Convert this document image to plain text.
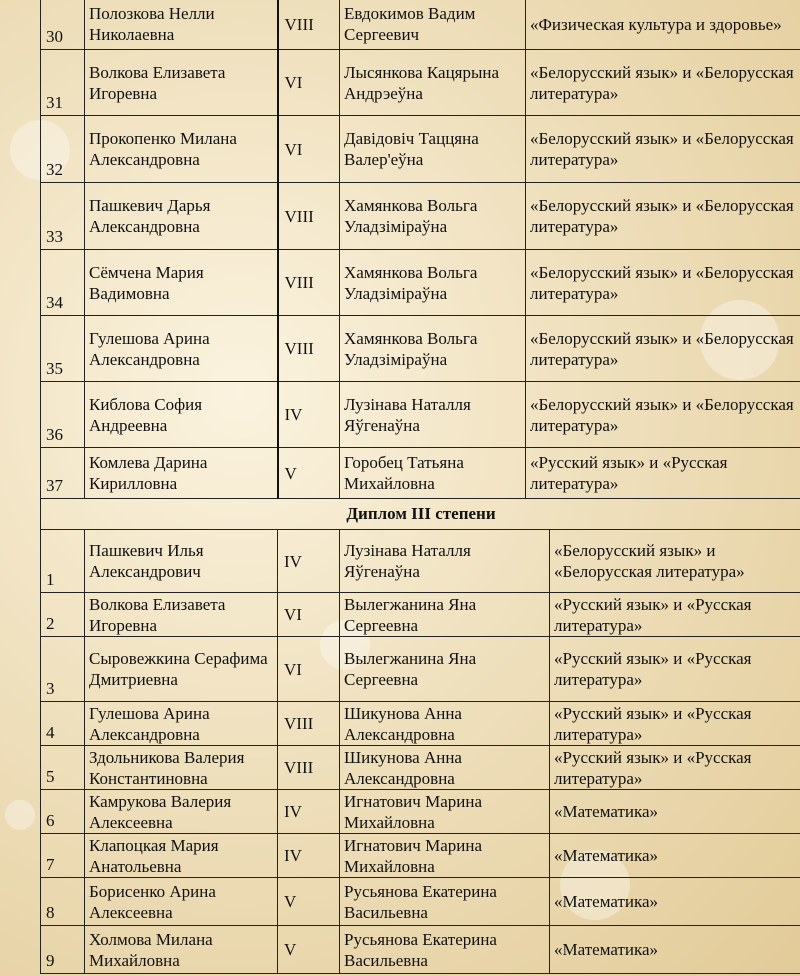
30	Полозкова Нелли Николаевна	VIII	Евдокимов Вадим Сергеевич	«Физическая культура и здоровье»
31	Волкова Елизавета Игоревна	VI	Лысянкова Кацярына Андрэеўна	«Белорусский язык» и «Белорусская литература»
32	Прокопенко Милана Александровна	VI	Давідовіч Таццяна Валер'еўна	«Белорусский язык» и «Белорусская литература»
33	Пашкевич Дарья Александровна	VIII	Хамянкова Вольга Уладзіміраўна	«Белорусский язык» и «Белорусская литература»
34	Сёмчена Мария Вадимовна	VIII	Хамянкова Вольга Уладзіміраўна	«Белорусский язык» и «Белорусская литература»
35	Гулешова Арина Александровна	VIII	Хамянкова Вольга Уладзіміраўна	«Белорусский язык» и «Белорусская литература»
36	Киблова София Андреевна	IV	Лузінава Наталля Яўгенаўна	«Белорусский язык» и «Белорусская литература»
37	Комлева Дарина Кирилловна	V	Горобец Татьяна Михайловна	«Русский язык» и «Русская литература»
Диплом III степени
1	Пашкевич Илья Александрович	IV	Лузінава Наталля Яўгенаўна	«Белорусский язык» и «Белорусская литература»
2	Волкова Елизавета Игоревна	VI	Вылегжанина Яна Сергеевна	«Русский язык» и «Русская литература»
3	Сыровежкина Серафима Дмитриевна	VI	Вылегжанина Яна Сергеевна	«Русский язык» и «Русская литература»
4	Гулешова Арина Александровна	VIII	Шикунова Анна Александровна	«Русский язык» и «Русская литература»
5	Здольникова Валерия Константиновна	VIII	Шикунова Анна Александровна	«Русский язык» и «Русская литература»
6	Камрукова Валерия Алексеевна	IV	Игнатович Марина Михайловна	«Математика»
7	Клапоцкая Мария Анатольевна	IV	Игнатович Марина Михайловна	«Математика»
8	Борисенко Арина Алексеевна	V	Русьянова Екатерина Васильевна	«Математика»
9	Холмова Милана Михайловна	V	Русьянова Екатерина Васильевна	«Математика»
